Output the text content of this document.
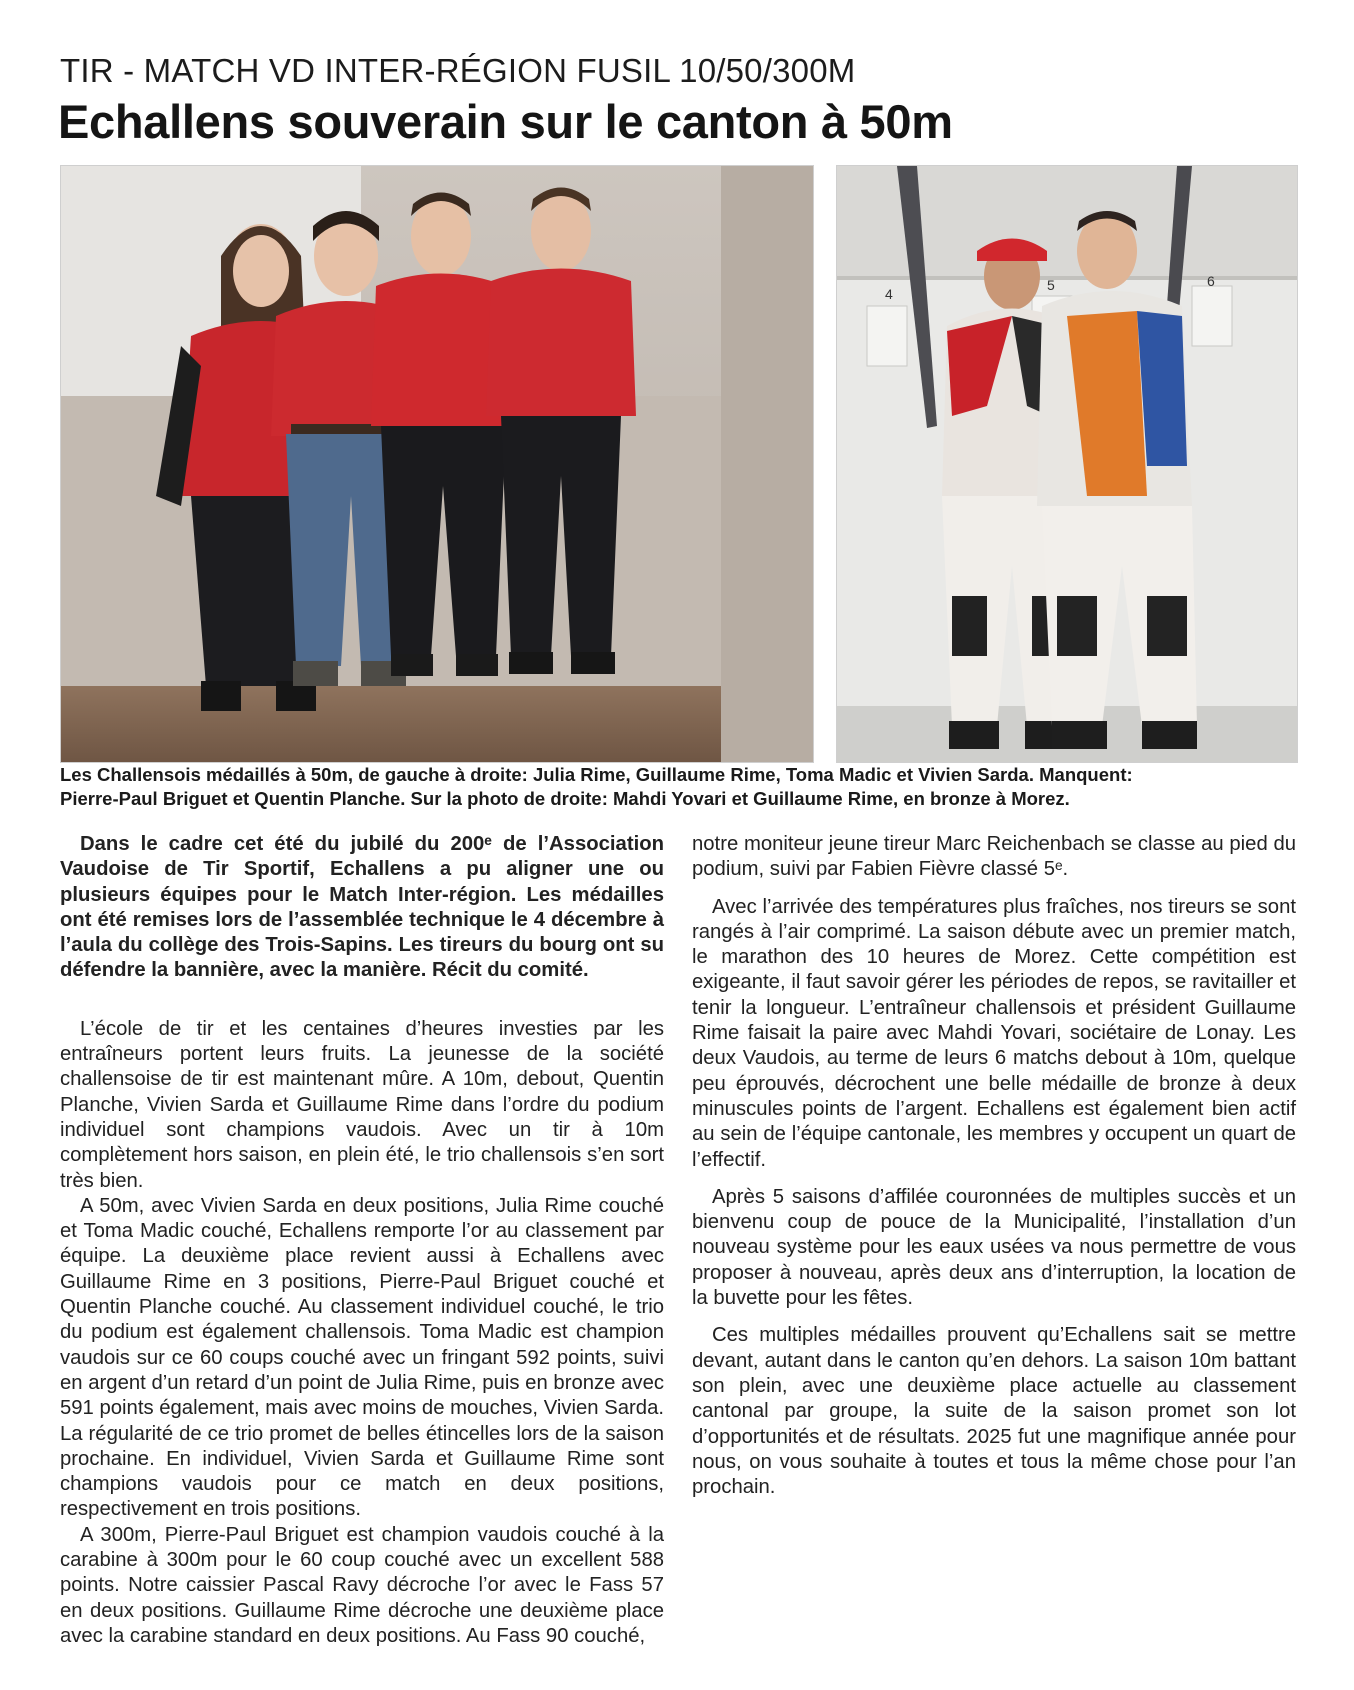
TIR - MATCH VD INTER-RÉGION FUSIL 10/50/300M
Echallens souverain sur le canton à 50m
4
5	6

Les Challensois médaillés à 50m, de gauche à droite: Julia Rime, Guillaume Rime, Toma Madic et Vivien Sarda. Manquent:

Pierre-Paul Briguet et Quentin Planche. Sur la photo de droite: Mahdi Yovari et Guillaume Rime, en bronze à Morez.

Dans le cadre cet été du jubilé du 200ᵉ de l’Association Vaudoise de Tir Sportif, Echallens a pu aligner une ou plusieurs équipes pour le Match Inter-région. Les médailles ont été remises lors de l’assemblée technique le 4 décembre à l’aula du collège des Trois-Sapins. Les tireurs du bourg ont su défendre la bannière, avec la manière. Récit du comité.

L’école de tir et les centaines d’heures investies par les entraîneurs portent leurs fruits. La jeunesse de la société challensoise de tir est maintenant mûre. A 10m, debout, Quentin Planche, Vivien Sarda et Guillaume Rime dans l’ordre du podium individuel sont champions vaudois. Avec un tir à 10m complètement hors saison, en plein été, le trio challensois s’en sort très bien.

A 50m, avec Vivien Sarda en deux positions, Julia Rime couché et Toma Madic couché, Echallens remporte l’or au classement par équipe. La deuxième place revient aussi à Echallens avec Guillaume Rime en 3 positions, Pierre-Paul Briguet couché et Quentin Planche couché. Au classement individuel couché, le trio du podium est également challensois. Toma Madic est champion vaudois sur ce 60 coups couché avec un fringant 592 points, suivi en argent d’un retard d’un point de Julia Rime, puis en bronze avec 591 points également, mais avec moins de mouches, Vivien Sarda. La régularité de ce trio promet de belles étincelles lors de la saison prochaine. En individuel, Vivien Sarda et Guillaume Rime sont champions vaudois pour ce match en deux positions, respectivement en trois positions.

A 300m, Pierre-Paul Briguet est champion vaudois couché à la carabine à 300m pour le 60 coup couché avec un excellent 588 points. Notre caissier Pascal Ravy décroche l’or avec le Fass 57 en deux positions. Guillaume Rime décroche une deuxième place avec la carabine standard en deux positions. Au Fass 90 couché,

notre moniteur jeune tireur Marc Reichenbach se classe au pied du podium, suivi par Fabien Fièvre classé 5ᵉ.

Avec l’arrivée des températures plus fraîches, nos tireurs se sont rangés à l’air comprimé. La saison débute avec un premier match, le marathon des 10 heures de Morez. Cette compétition est exigeante, il faut savoir gérer les périodes de repos, se ravitailler et tenir la longueur. L’entraîneur challensois et président Guillaume Rime faisait la paire avec Mahdi Yovari, sociétaire de Lonay. Les deux Vaudois, au terme de leurs 6 matchs debout à 10m, quelque peu éprouvés, décrochent une belle médaille de bronze à deux minuscules points de l’argent. Echallens est également bien actif au sein de l’équipe cantonale, les membres y occupent un quart de l’effectif.

Après 5 saisons d’affilée couronnées de multiples succès et un bienvenu coup de pouce de la Municipalité, l’installation d’un nouveau système pour les eaux usées va nous permettre de vous proposer à nouveau, après deux ans d’interruption, la location de la buvette pour les fêtes.

Ces multiples médailles prouvent qu’Echallens sait se mettre devant, autant dans le canton qu’en dehors. La saison 10m battant son plein, avec une deuxième place actuelle au classement cantonal par groupe, la suite de la saison promet son lot d’opportunités et de résultats. 2025 fut une magnifique année pour nous, on vous souhaite à toutes et tous la même chose pour l’an prochain.
